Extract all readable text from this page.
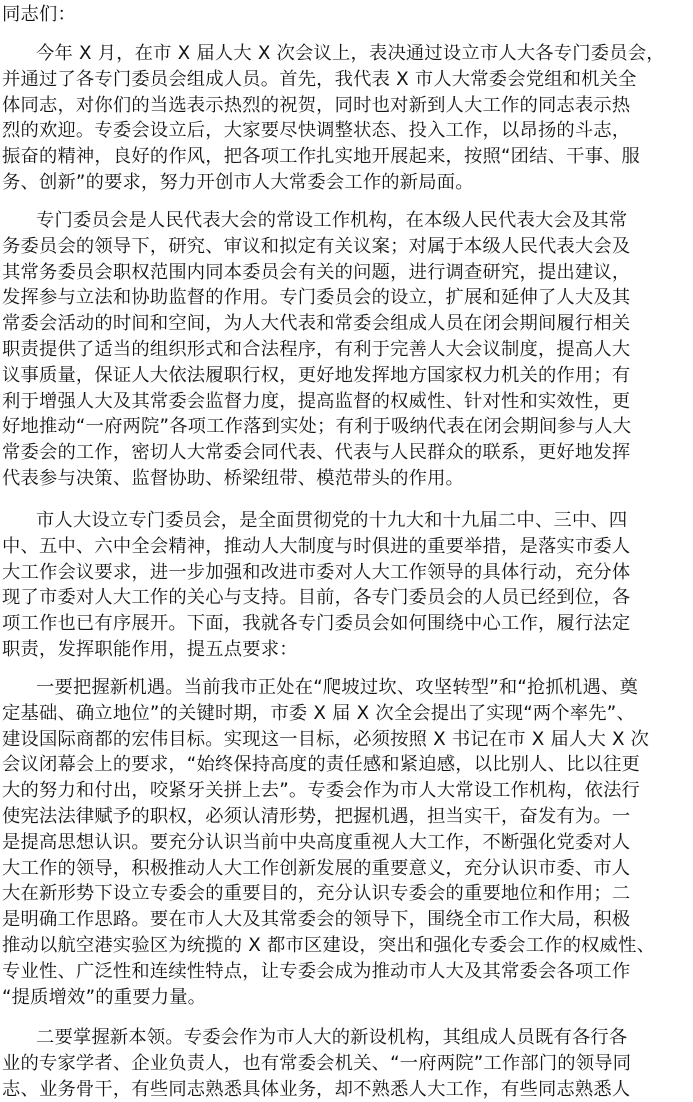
同志们：
今年 X 月，在市 X 届人大 X 次会议上，表决通过设立市人大各专门委员会，
并通过了各专门委员会组成人员。首先，我代表 X 市人大常委会党组和机关全
体同志，对你们的当选表示热烈的祝贺，同时也对新到人大工作的同志表示热
烈的欢迎。专委会设立后，大家要尽快调整状态、投入工作，以昂扬的斗志，
振奋的精神，良好的作风，把各项工作扎实地开展起来，按照“团结、干事、服
务、创新”的要求，努力开创市人大常委会工作的新局面。
专门委员会是人民代表大会的常设工作机构，在本级人民代表大会及其常
务委员会的领导下，研究、审议和拟定有关议案；对属于本级人民代表大会及
其常务委员会职权范围内同本委员会有关的问题，进行调查研究，提出建议，
发挥参与立法和协助监督的作用。专门委员会的设立，扩展和延伸了人大及其
常委会活动的时间和空间，为人大代表和常委会组成人员在闭会期间履行相关
职责提供了适当的组织形式和合法程序，有利于完善人大会议制度，提高人大
议事质量，保证人大依法履职行权，更好地发挥地方国家权力机关的作用；有
利于增强人大及其常委会监督力度，提高监督的权威性、针对性和实效性，更
好地推动“一府两院”各项工作落到实处；有利于吸纳代表在闭会期间参与人大
常委会的工作，密切人大常委会同代表、代表与人民群众的联系，更好地发挥
代表参与决策、监督协助、桥梁纽带、模范带头的作用。
市人大设立专门委员会，是全面贯彻党的十九大和十九届二中、三中、四
中、五中、六中全会精神，推动人大制度与时俱进的重要举措，是落实市委人
大工作会议要求，进一步加强和改进市委对人大工作领导的具体行动，充分体
现了市委对人大工作的关心与支持。目前，各专门委员会的人员已经到位，各
项工作也已有序展开。下面，我就各专门委员会如何围绕中心工作，履行法定
职责，发挥职能作用，提五点要求：
一要把握新机遇。当前我市正处在“爬坡过坎、攻坚转型”和“抢抓机遇、奠
定基础、确立地位”的关键时期，市委 X 届 X 次全会提出了实现“两个率先”、
建设国际商都的宏伟目标。实现这一目标，必须按照 X 书记在市 X 届人大 X 次
会议闭幕会上的要求，“始终保持高度的责任感和紧迫感，以比别人、比以往更
大的努力和付出，咬紧牙关拼上去”。专委会作为市人大常设工作机构，依法行
使宪法法律赋予的职权，必须认清形势，把握机遇，担当实干，奋发有为。一
是提高思想认识。要充分认识当前中央高度重视人大工作，不断强化党委对人
大工作的领导，积极推动人大工作创新发展的重要意义，充分认识市委、市人
大在新形势下设立专委会的重要目的，充分认识专委会的重要地位和作用；二
是明确工作思路。要在市人大及其常委会的领导下，围绕全市工作大局，积极
推动以航空港实验区为统揽的 X 都市区建设，突出和强化专委会工作的权威性、
专业性、广泛性和连续性特点，让专委会成为推动市人大及其常委会各项工作
“提质增效”的重要力量。
二要掌握新本领。专委会作为市人大的新设机构，其组成人员既有各行各
业的专家学者、企业负责人，也有常委会机关、“一府两院”工作部门的领导同
志、业务骨干，有些同志熟悉具体业务，却不熟悉人大工作，有些同志熟悉人
